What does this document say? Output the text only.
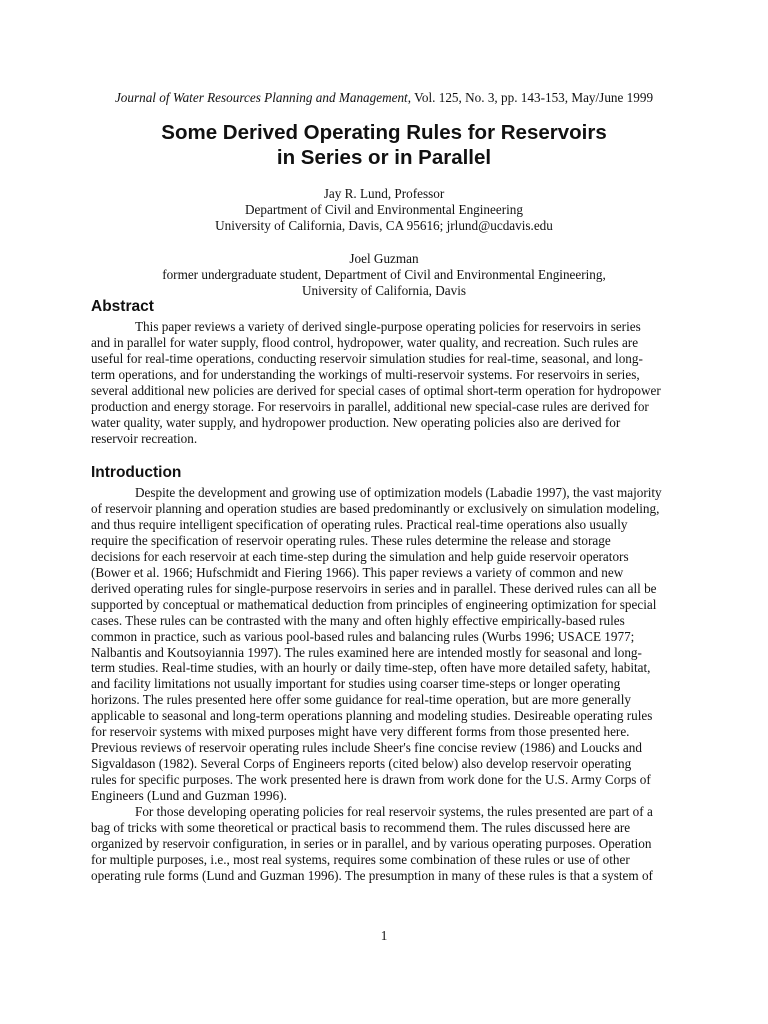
Journal of Water Resources Planning and Management, Vol. 125, No. 3, pp. 143-153, May/June 1999
Some Derived Operating Rules for Reservoirs
in Series or in Parallel
Jay R. Lund, Professor
Department of Civil and Environmental Engineering
University of California, Davis, CA 95616; jrlund@ucdavis.edu
Joel Guzman
former undergraduate student, Department of Civil and Environmental Engineering,
University of California, Davis
Abstract
This paper reviews a variety of derived single-purpose operating policies for reservoirs in series
and in parallel for water supply, flood control, hydropower, water quality, and recreation. Such rules are
useful for real-time operations, conducting reservoir simulation studies for real-time, seasonal, and long-
term operations, and for understanding the workings of multi-reservoir systems. For reservoirs in series,
several additional new policies are derived for special cases of optimal short-term operation for hydropower
production and energy storage. For reservoirs in parallel, additional new special-case rules are derived for
water quality, water supply, and hydropower production. New operating policies also are derived for
reservoir recreation.
Introduction
Despite the development and growing use of optimization models (Labadie 1997), the vast majority
of reservoir planning and operation studies are based predominantly or exclusively on simulation modeling,
and thus require intelligent specification of operating rules. Practical real-time operations also usually
require the specification of reservoir operating rules. These rules determine the release and storage
decisions for each reservoir at each time-step during the simulation and help guide reservoir operators
(Bower et al. 1966; Hufschmidt and Fiering 1966). This paper reviews a variety of common and new
derived operating rules for single-purpose reservoirs in series and in parallel. These derived rules can all be
supported by conceptual or mathematical deduction from principles of engineering optimization for special
cases. These rules can be contrasted with the many and often highly effective empirically-based rules
common in practice, such as various pool-based rules and balancing rules (Wurbs 1996; USACE 1977;
Nalbantis and Koutsoyiannia 1997). The rules examined here are intended mostly for seasonal and long-
term studies. Real-time studies, with an hourly or daily time-step, often have more detailed safety, habitat,
and facility limitations not usually important for studies using coarser time-steps or longer operating
horizons. The rules presented here offer some guidance for real-time operation, but are more generally
applicable to seasonal and long-term operations planning and modeling studies. Desireable operating rules
for reservoir systems with mixed purposes might have very different forms from those presented here.
Previous reviews of reservoir operating rules include Sheer's fine concise review (1986) and Loucks and
Sigvaldason (1982). Several Corps of Engineers reports (cited below) also develop reservoir operating
rules for specific purposes. The work presented here is drawn from work done for the U.S. Army Corps of
Engineers (Lund and Guzman 1996).
For those developing operating policies for real reservoir systems, the rules presented are part of a
bag of tricks with some theoretical or practical basis to recommend them. The rules discussed here are
organized by reservoir configuration, in series or in parallel, and by various operating purposes. Operation
for multiple purposes, i.e., most real systems, requires some combination of these rules or use of other
operating rule forms (Lund and Guzman 1996). The presumption in many of these rules is that a system of
1
